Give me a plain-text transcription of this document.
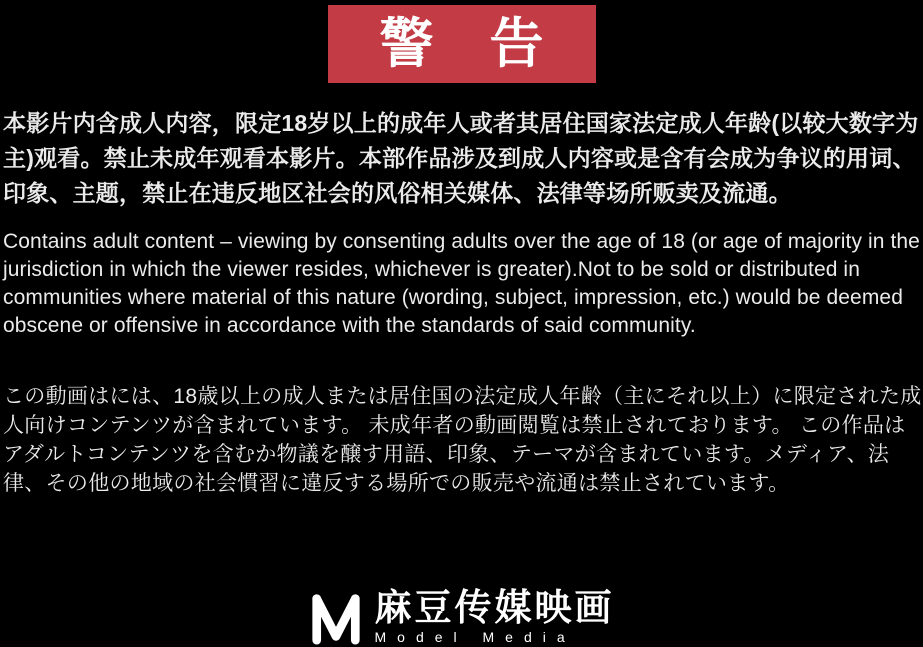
警 告
本影片内含成人内容，限定18岁以上的成年人或者其居住国家法定成人年龄(以较大数字为主)观看。禁止未成年观看本影片。本部作品涉及到成人内容或是含有会成为争议的用词、印象、主题，禁止在违反地区社会的风俗相关媒体、法律等场所贩卖及流通。
Contains adult content – viewing by consenting adults over the age of 18 (or age of majority in the jurisdiction in which the viewer resides, whichever is greater).Not to be sold or distributed in communities where material of this nature (wording, subject, impression, etc.) would be deemed obscene or offensive in accordance with the standards of said community.
この動画はには、18歳以上の成人または居住国の法定成人年齢（主にそれ以上）に限定された成人向けコンテンツが含まれています。 未成年者の動画閲覧は禁止されております。 この作品はアダルトコンテンツを含むか物議を醸す用語、印象、テーマが含まれています。メディア、法律、その他の地域の社会慣習に違反する場所での販売や流通は禁止されています。
麻豆传媒映画
Model Media
